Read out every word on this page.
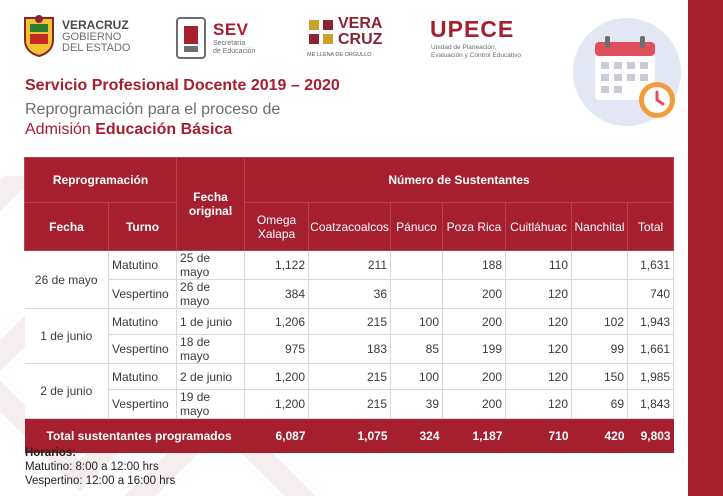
VERACRUZ
GOBIERNO
DEL ESTADO
SEV
Secretaría
de Educación
VERA
CRUZ
ME LLENA DE ORGULLO
UPECE
Unidad de Planeación,
Evaluación y Control Educativo
Servicio Profesional Docente 2019 – 2020
Reprogramación para el proceso de
Admisión Educación Básica
Reprogramación		Fecha original	Número de Sustentantes						
Fecha	Turno		Omega Xalapa	Coatzacoalcos	Pánuco	Poza Rica	Cuitláhuac	Nanchital	Total
26 de mayo	Matutino	25 de mayo	1,122	211		188	110		1,631
	Vespertino	26 de mayo	384	36		200	120		740
1 de junio	Matutino	1 de junio	1,206	215	100	200	120	102	1,943
	Vespertino	18 de mayo	975	183	85	199	120	99	1,661
2 de junio	Matutino	2 de junio	1,200	215	100	200	120	150	1,985
	Vespertino	19 de mayo	1,200	215	39	200	120	69	1,843
Total sustentantes programados			6,087	1,075	324	1,187	710	420	9,803
Horarios:
Matutino: 8:00 a 12:00 hrs
Vespertino: 12:00 a 16:00 hrs
